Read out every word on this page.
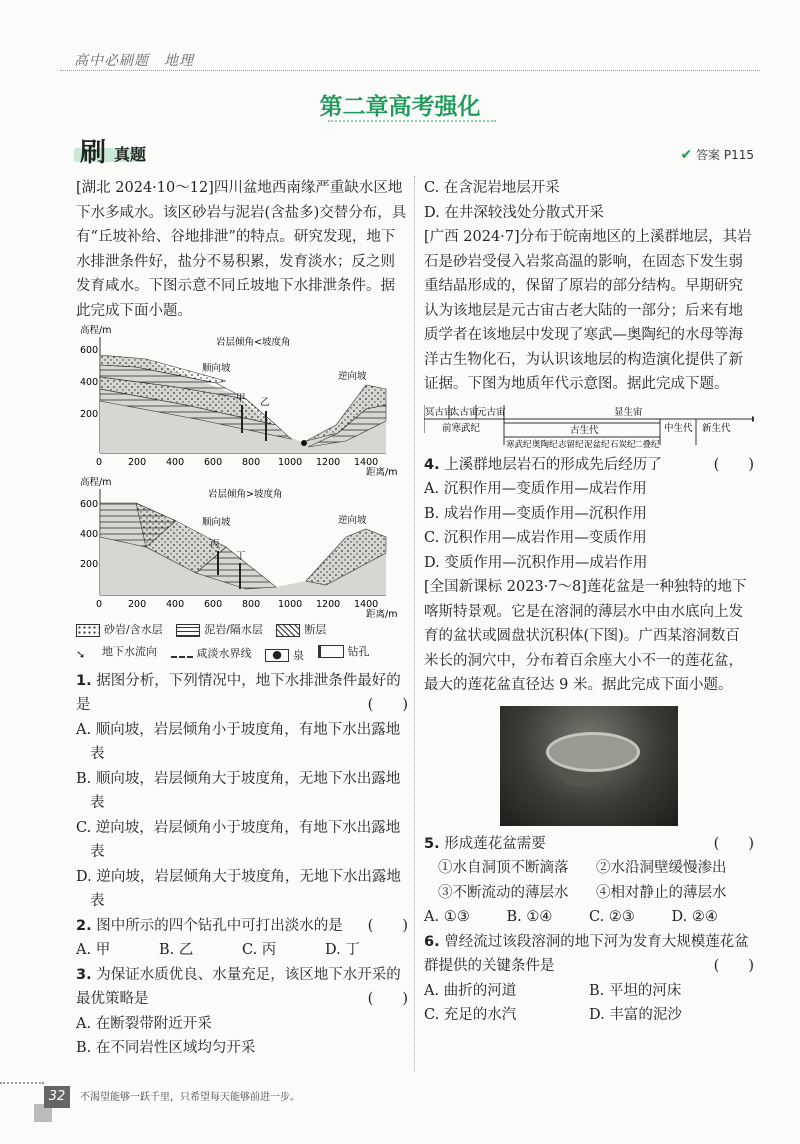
高中必刷题　地理
第二章高考强化
刷 真题	✔ 答案 P115

[湖北 2024·10～12]四川盆地西南缘严重缺水区地下水多咸水。该区砂岩与泥岩(含盐多)交替分布，具有“丘坡补给、谷地排泄”的特点。研究发现，地下水排泄条件好，盐分不易积累，发育淡水；反之则发育咸水。下图示意不同丘坡地下水排泄条件。据此完成下面小题。

高程/m
岩层倾角<坡度角
600
400
200
甲 乙
顺向坡
逆向坡
0	200 400 600 800 1000 1200 1400
距离/m
高程/m
岩层倾角>坡度角
600
400
200
丙
丁
顺向坡	逆向坡
0	200 400 600 800 1000 1200 1400
距离/m
砂岩/含水层
	泥岩/隔水层
	断层
➘	地下水流向
	咸淡水界线
	●	泉
	钻孔

1. 据图分析，下列情况中，地下水排泄条件最好的是	(　　)

A. 顺向坡，岩层倾角小于坡度角，有地下水出露地表

B. 顺向坡，岩层倾角大于坡度角，无地下水出露地表

C. 逆向坡，岩层倾角小于坡度角，有地下水出露地表

D. 逆向坡，岩层倾角大于坡度角，无地下水出露地表

2. 图中所示的四个钻孔中可打出淡水的是 (　　)

A. 甲	B. 乙	C. 丙	D. 丁

3. 为保证水质优良、水量充足，该区地下水开采的最优策略是	(　　)

A. 在断裂带附近开采

B. 在不同岩性区域均匀开采

C. 在含泥岩地层开采

D. 在井深较浅处分散式开采

[广西 2024·7]分布于皖南地区的上溪群地层，其岩石是砂岩受侵入岩浆高温的影响，在固态下发生弱重结晶形成的，保留了原岩的部分结构。早期研究认为该地层是元古宙古老大陆的一部分；后来有地质学者在该地层中发现了寒武—奥陶纪的水母等海洋古生物化石，为认识该地层的构造演化提供了新证据。下图为地质年代示意图。据此完成下题。

冥古宙
太古宙
元古宙	显生宙
前寒武纪	古生代	中生代 新生代
寒武纪 奥陶纪 志留纪 泥盆纪 石炭纪
二叠纪

4. 上溪群地层岩石的形成先后经历了	(　　)

A. 沉积作用—变质作用—成岩作用

B. 成岩作用—变质作用—沉积作用

C. 沉积作用—成岩作用—变质作用

D. 变质作用—沉积作用—成岩作用

[全国新课标 2023·7～8]莲花盆是一种独特的地下喀斯特景观。它是在溶洞的薄层水中由水底向上发育的盆状或圆盘状沉积体(下图)。广西某溶洞数百米长的洞穴中，分布着百余座大小不一的莲花盆，最大的莲花盆直径达 9 米。据此完成下面小题。

5. 形成莲花盆需要	(　　)

①水自洞顶不断滴落	②水沿洞壁缓慢渗出

③不断流动的薄层水	④相对静止的薄层水

A. ①③	B. ①④	C. ②③	D. ②④

6. 曾经流过该段溶洞的地下河为发育大规模莲花盆群提供的关键条件是	(　　)

A. 曲折的河道	B. 平坦的河床

C. 充足的水汽	D. 丰富的泥沙

32	不渴望能够一跃千里，只希望每天能够前进一步。
